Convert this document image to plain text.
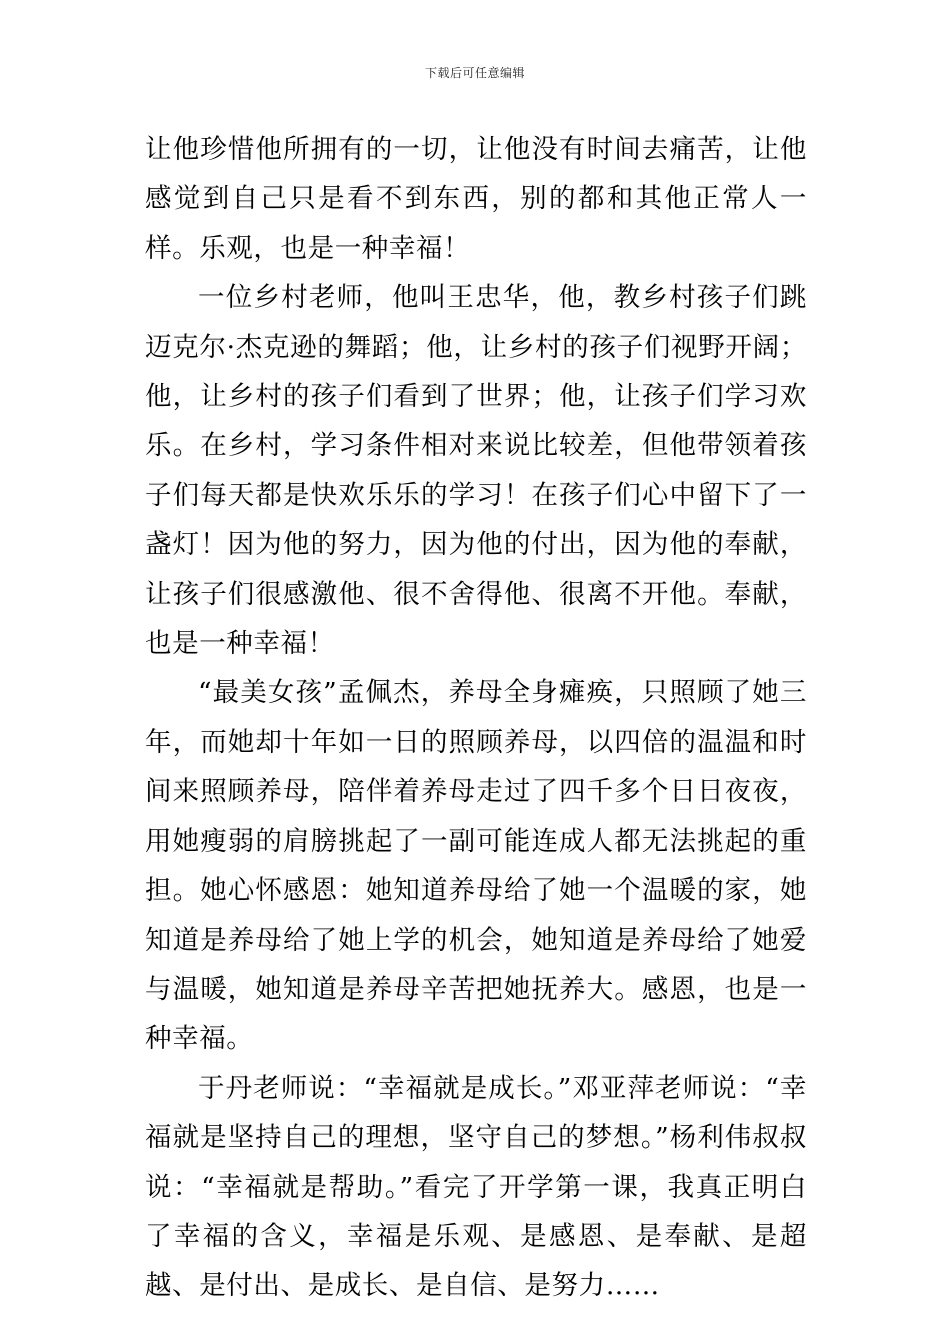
下载后可任意编辑

让他珍惜他所拥有的一切，让他没有时间去痛苦，让他感觉到自己只是看不到东西，别的都和其他正常人一样。乐观，也是一种幸福！

一位乡村老师，他叫王忠华，他，教乡村孩子们跳迈克尔·杰克逊的舞蹈；他，让乡村的孩子们视野开阔；他，让乡村的孩子们看到了世界；他，让孩子们学习欢乐。在乡村，学习条件相对来说比较差，但他带领着孩子们每天都是快欢乐乐的学习！在孩子们心中留下了一盏灯！因为他的努力，因为他的付出，因为他的奉献，让孩子们很感激他、很不舍得他、很离不开他。奉献，也是一种幸福！

“最美女孩”孟佩杰，养母全身瘫痪，只照顾了她三年，而她却十年如一日的照顾养母，以四倍的温温和时间来照顾养母，陪伴着养母走过了四千多个日日夜夜，用她瘦弱的肩膀挑起了一副可能连成人都无法挑起的重担。她心怀感恩：她知道养母给了她一个温暖的家，她知道是养母给了她上学的机会，她知道是养母给了她爱与温暖，她知道是养母辛苦把她抚养大。感恩，也是一种幸福。

于丹老师说：“幸福就是成长。”邓亚萍老师说：“幸福就是坚持自己的理想，坚守自己的梦想。”杨利伟叔叔说：“幸福就是帮助。”看完了开学第一课，我真正明白了幸福的含义，幸福是乐观、是感恩、是奉献、是超越、是付出、是成长、是自信、是努力……
